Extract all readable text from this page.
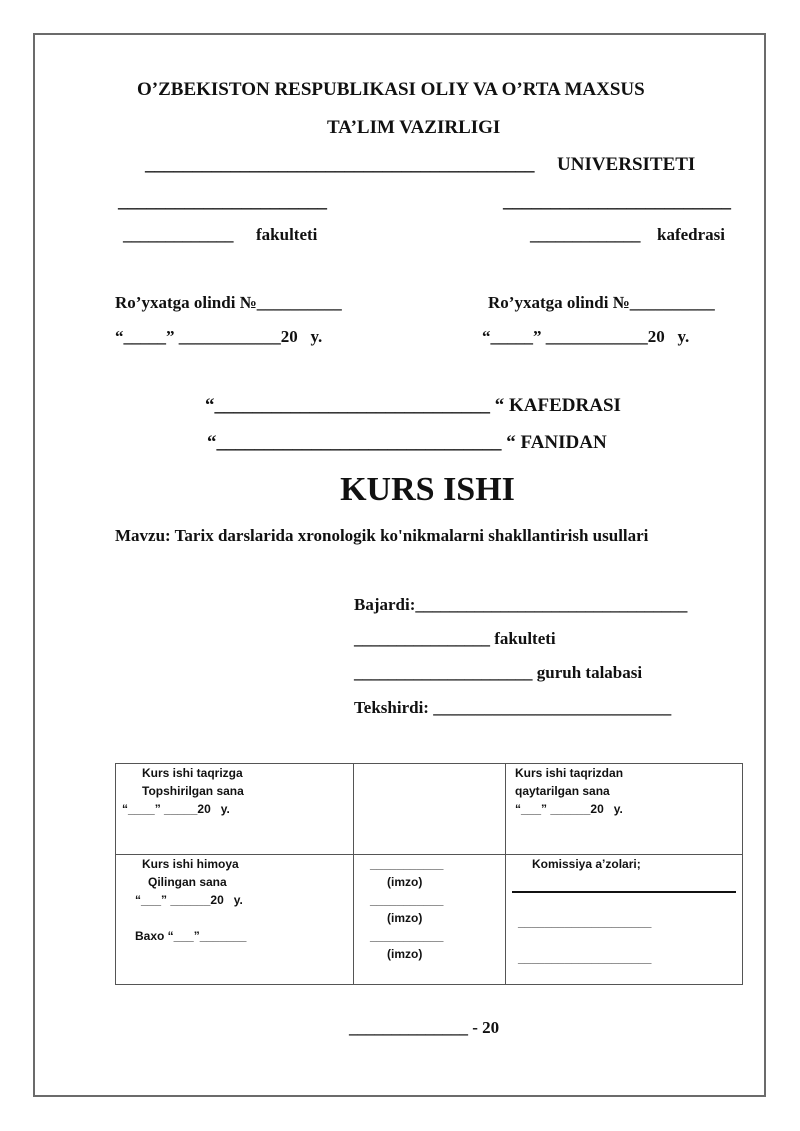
O’ZBEKISTON RESPUBLIKASI OLIY VA O’RTA MAXSUS
TA’LIM VAZIRLIGI
_________________________________________ UNIVERSITETI
______________________	________________________
_____________ fakulteti	_____________ kafedrasi
Ro’yxatga olindi №__________
“_____” ____________20   y.
Ro’yxatga olindi №__________
“_____” ____________20   y.
“_____________________________ “ KAFEDRASI
“______________________________ “ FANIDAN
KURS ISHI
Mavzu: Tarix darslarida xronologik ko'nikmalarni shakllantirish usullari
Bajardi:________________________________
________________ fakulteti
_____________________ guruh talabasi
Tekshirdi: ____________________________
Kurs ishi taqrizga
Topshirilgan sana
“____” _____20   y.
Kurs ishi taqrizdan
qaytarilgan sana
“___” ______20   y.
Kurs ishi himoya
Qilingan sana
“___” ______20   y.
Baxo “___”_______
___________
(imzo)
___________
(imzo)
___________
(imzo)
Komissiya a’zolari;
____________________
____________________
______________ - 20
